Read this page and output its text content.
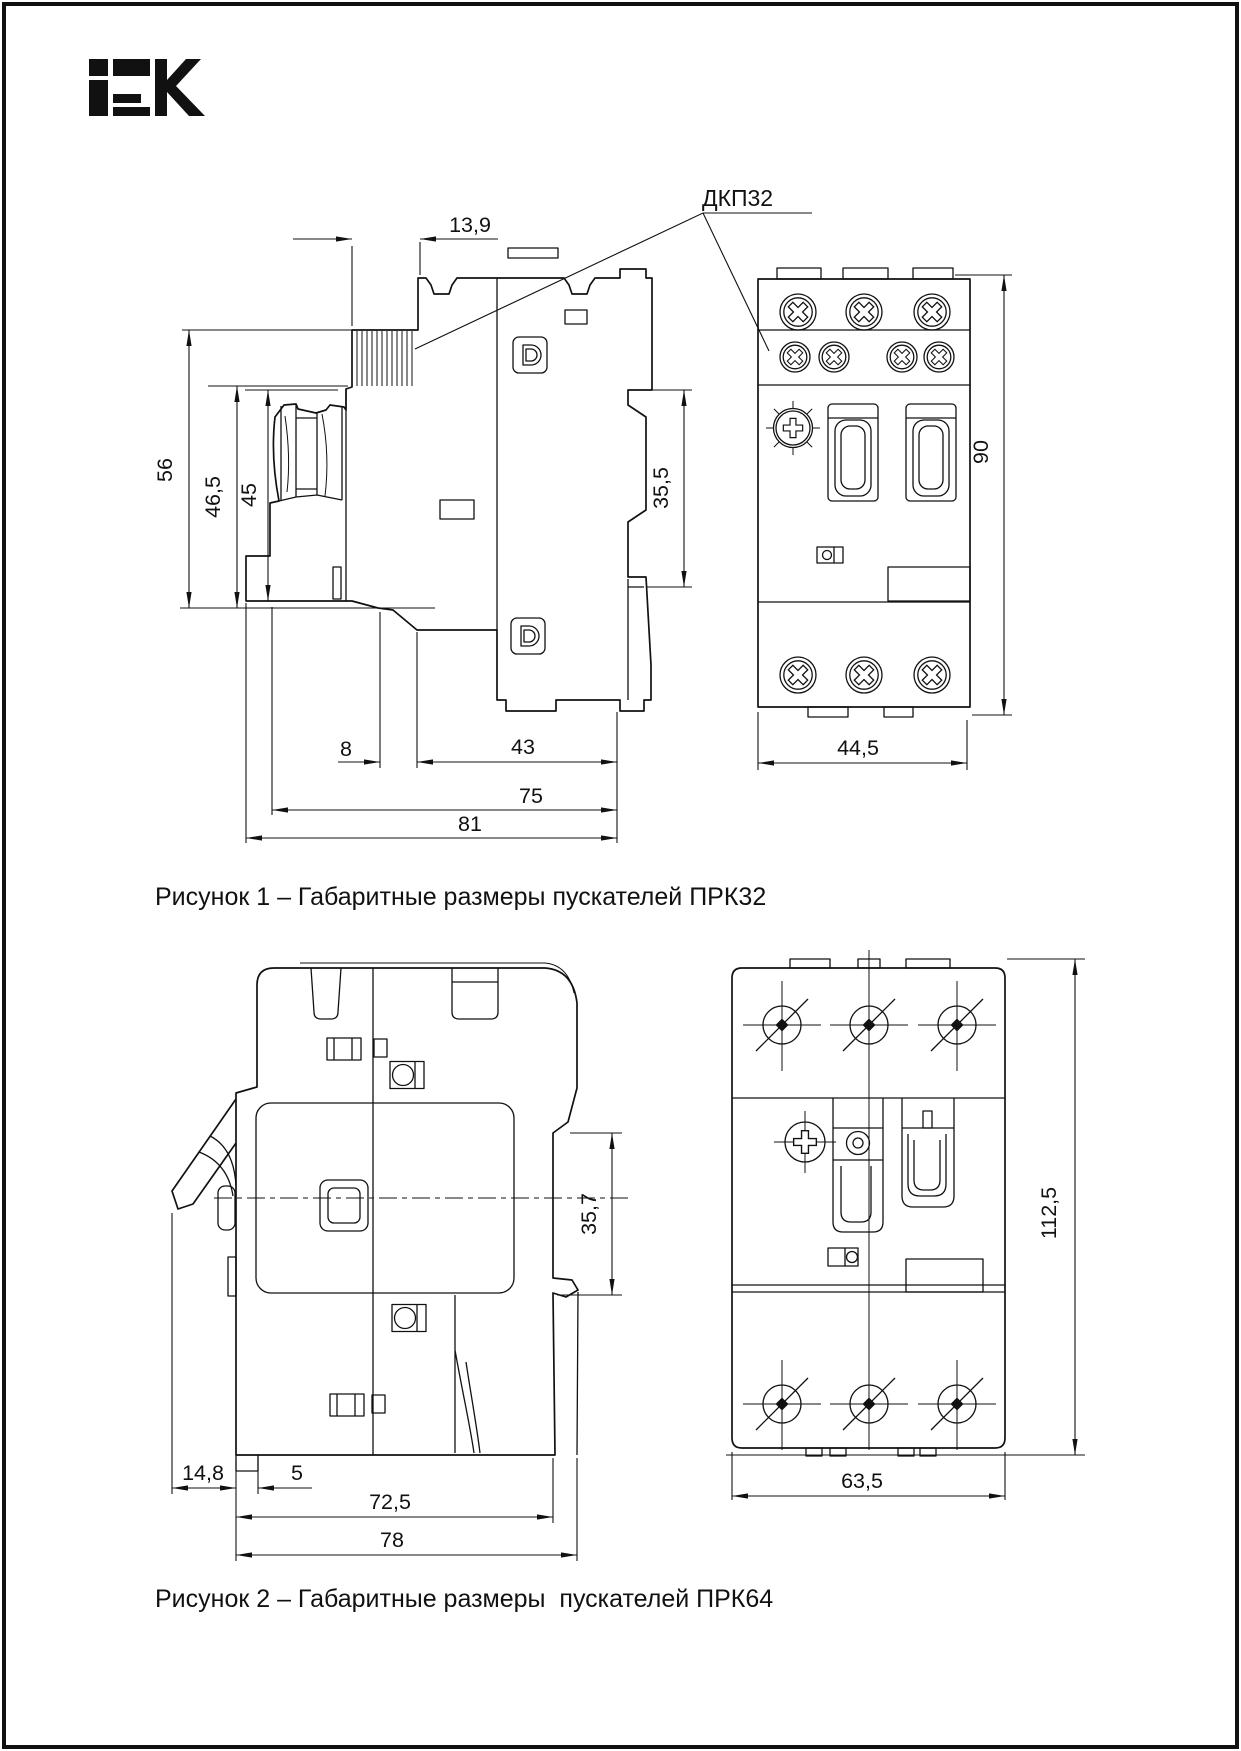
13,9
56
46,5 45	35,5
8	43
75
81
90
44,5
ДКП32
Рисунок 1 – Габаритные размеры пускателей ПРК32
35,7
14,8	5
72,5
78
63,5
112,5
Рисунок 2 – Габаритные размеры  пускателей ПРК64
